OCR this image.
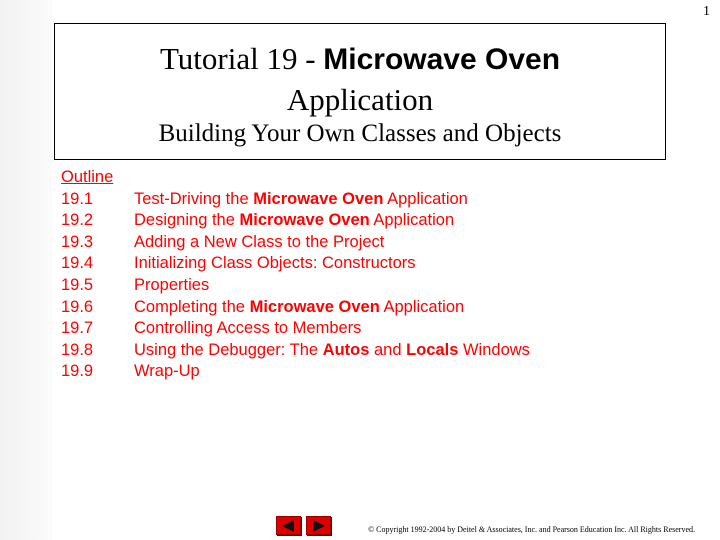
1
Tutorial 19 - Microwave Oven
Application
Building Your Own Classes and Objects
Outline
19.1	Test-Driving the Microwave Oven Application
19.2	Designing the Microwave Oven Application
19.3	Adding a New Class to the Project
19.4	Initializing Class Objects: Constructors
19.5	Properties
19.6	Completing the Microwave Oven Application
19.7	Controlling Access to Members
19.8	Using the Debugger: The Autos and Locals Windows
19.9	Wrap-Up
© Copyright 1992-2004 by Deitel & Associates, Inc. and Pearson Education Inc. All Rights Reserved.
